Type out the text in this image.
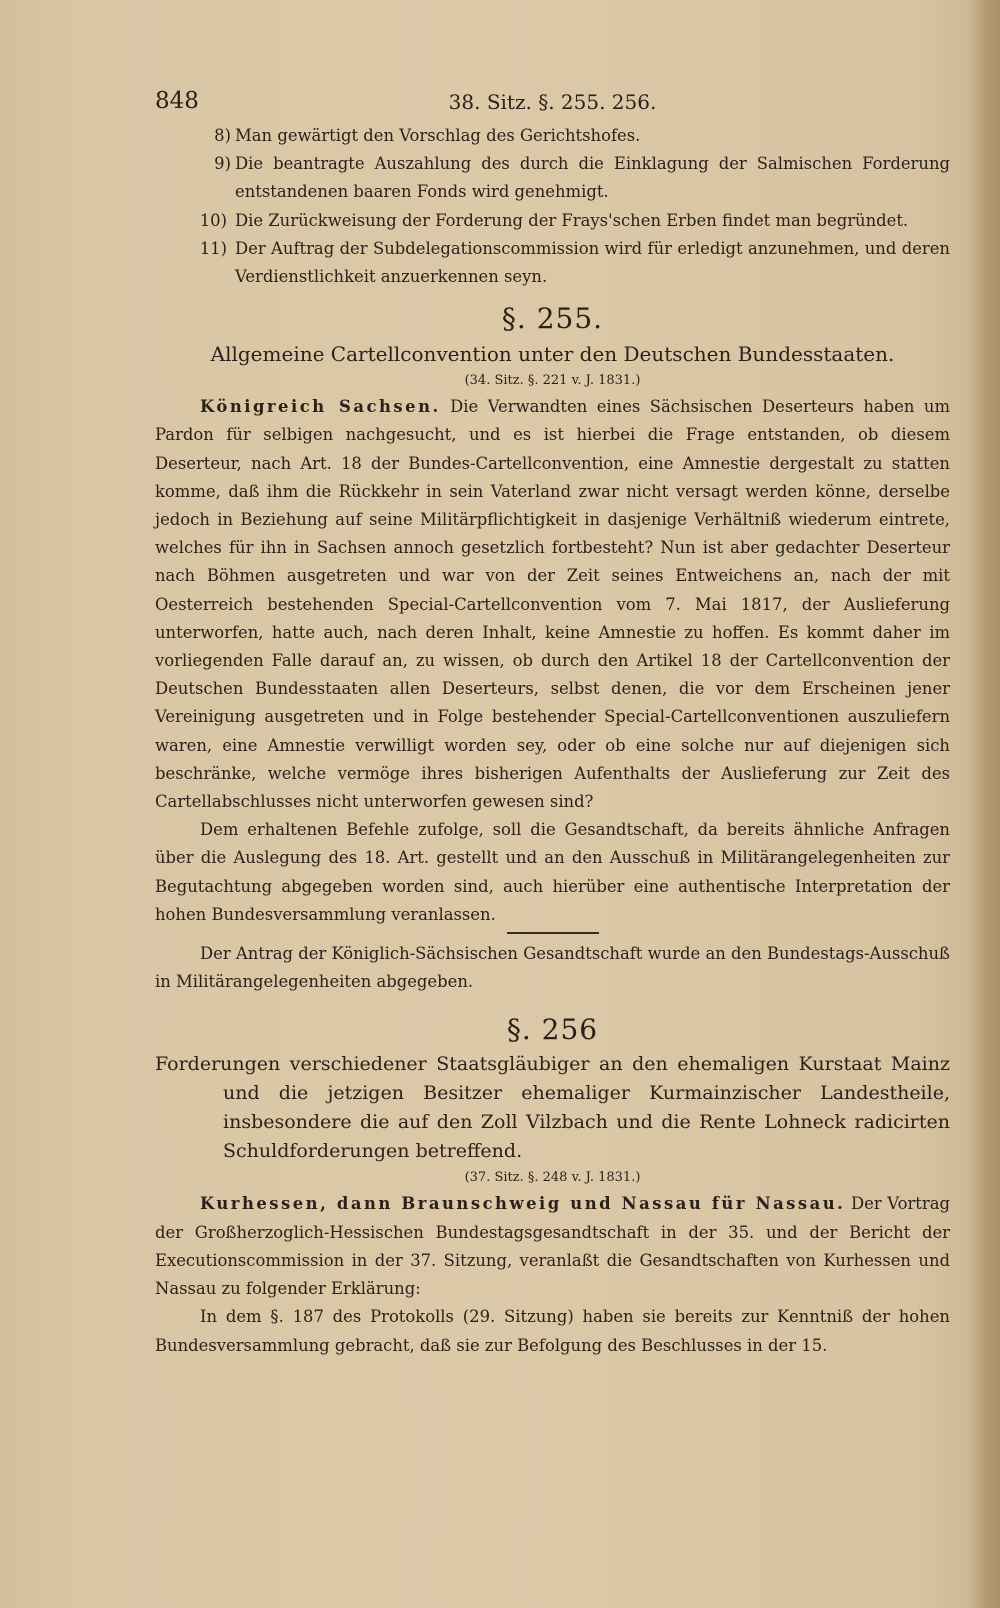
848	38. Sitz. §. 255. 256.

8) Man gewärtigt den Vorschlag des Gerichtshofes.

9) Die beantragte Auszahlung des durch die Einklagung der Salmischen Forderung entstandenen baaren Fonds wird genehmigt.

10) Die Zurückweisung der Forderung der Frays'schen Erben findet man begründet.

11) Der Auftrag der Subdelegationscommission wird für erledigt anzunehmen, und deren Verdienstlichkeit anzuerkennen seyn.

§. 255.
Allgemeine Cartellconvention unter den Deutschen Bundesstaaten.
(34. Sitz. §. 221 v. J. 1831.)

Königreich Sachsen. Die Verwandten eines Sächsischen Deserteurs haben um Pardon für selbigen nachgesucht, und es ist hierbei die Frage entstanden, ob diesem Deserteur, nach Art. 18 der Bundes-Cartellconvention, eine Amnestie dergestalt zu statten komme, daß ihm die Rückkehr in sein Vaterland zwar nicht versagt werden könne, derselbe jedoch in Beziehung auf seine Militärpflichtigkeit in dasjenige Verhältniß wiederum eintrete, welches für ihn in Sachsen annoch gesetzlich fortbesteht? Nun ist aber gedachter Deserteur nach Böhmen ausgetreten und war von der Zeit seines Entweichens an, nach der mit Oesterreich bestehenden Special-Cartellconvention vom 7. Mai 1817, der Auslieferung unterworfen, hatte auch, nach deren Inhalt, keine Amnestie zu hoffen. Es kommt daher im vorliegenden Falle darauf an, zu wissen, ob durch den Artikel 18 der Cartellconvention der Deutschen Bundesstaaten allen Deserteurs, selbst denen, die vor dem Erscheinen jener Vereinigung ausgetreten und in Folge bestehender Special-Cartellconventionen auszuliefern waren, eine Amnestie verwilligt worden sey, oder ob eine solche nur auf diejenigen sich beschränke, welche vermöge ihres bisherigen Aufenthalts der Auslieferung zur Zeit des Cartellabschlusses nicht unterworfen gewesen sind?

Dem erhaltenen Befehle zufolge, soll die Gesandtschaft, da bereits ähnliche Anfragen über die Auslegung des 18. Art. gestellt und an den Ausschuß in Militärangelegenheiten zur Begutachtung abgegeben worden sind, auch hierüber eine authentische Interpretation der hohen Bundesversammlung veranlassen.

Der Antrag der Königlich-Sächsischen Gesandtschaft wurde an den Bundestags-Ausschuß in Militärangelegenheiten abgegeben.

§. 256

Forderungen verschiedener Staatsgläubiger an den ehemaligen Kurstaat Mainz und die jetzigen Besitzer ehemaliger Kurmainzischer Landestheile, insbesondere die auf den Zoll Vilzbach und die Rente Lohneck radicirten Schuldforderungen betreffend.

(37. Sitz. §. 248 v. J. 1831.)

Kurhessen, dann Braunschweig und Nassau für Nassau. Der Vortrag der Großherzoglich-Hessischen Bundestagsgesandtschaft in der 35. und der Bericht der Executionscommission in der 37. Sitzung, veranlaßt die Gesandtschaften von Kurhessen und Nassau zu folgender Erklärung:

In dem §. 187 des Protokolls (29. Sitzung) haben sie bereits zur Kenntniß der hohen Bundesversammlung gebracht, daß sie zur Befolgung des Beschlusses in der 15.
